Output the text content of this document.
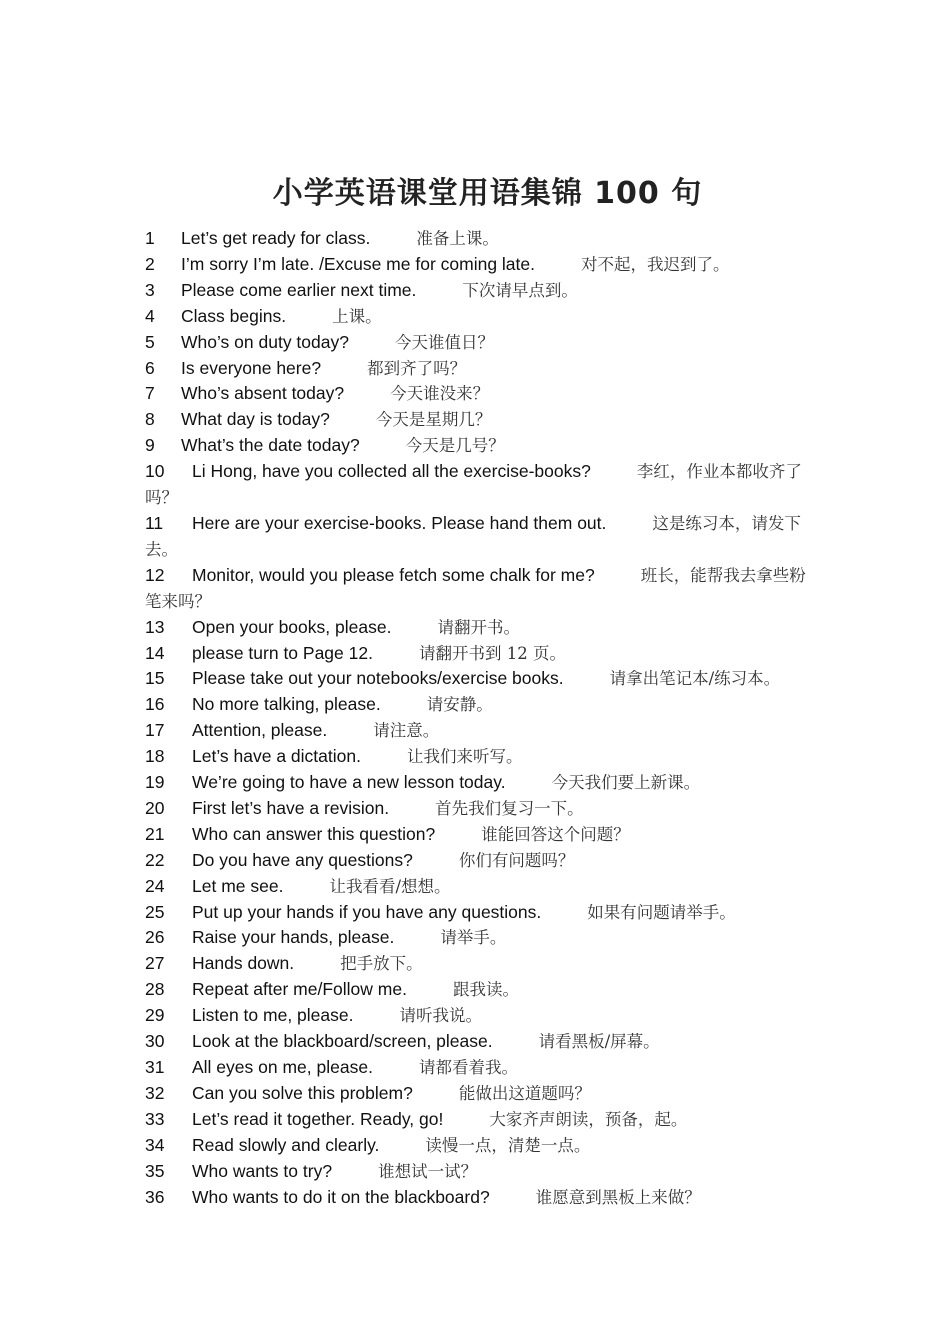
小学英语课堂用语集锦 100 句
1 Let’s get ready for class.	准备上课。
2 I’m sorry I’m late. /Excuse me for coming late.	对不起，我迟到了。
3 Please come earlier next time.	下次请早点到。
4 Class begins.	上课。
5 Who’s on duty today?	今天谁值日？
6 Is everyone here?	都到齐了吗？
7 Who’s absent today?	今天谁没来？
8 What day is today?	今天是星期几？
9 What’s the date today?	今天是几号？
10 Li Hong, have you collected all the exercise-books?	李红，作业本都收齐了吗？
11 Here are your exercise-books. Please hand them out.	这是练习本，请发下去。
12 Monitor, would you please fetch some chalk for me?	班长，能帮我去拿些粉笔来吗？
13 Open your books, please.	请翻开书。
14 please turn to Page 12.	请翻开书到 12 页。
15 Please take out your notebooks/exercise books.	请拿出笔记本/练习本。
16 No more talking, please.	请安静。
17 Attention, please.	请注意。
18 Let’s have a dictation.	让我们来听写。
19 We’re going to have a new lesson today.	今天我们要上新课。
20 First let’s have a revision.	首先我们复习一下。
21 Who can answer this question?	谁能回答这个问题？
22 Do you have any questions?	你们有问题吗？
24 Let me see.	让我看看/想想。
25 Put up your hands if you have any questions.	如果有问题请举手。
26 Raise your hands, please.	请举手。
27 Hands down.	把手放下。
28 Repeat after me/Follow me.	跟我读。
29 Listen to me, please.	请听我说。
30 Look at the blackboard/screen, please.	请看黑板/屏幕。
31 All eyes on me, please.	请都看着我。
32 Can you solve this problem?	能做出这道题吗？
33 Let’s read it together. Ready, go!	大家齐声朗读，预备，起。
34 Read slowly and clearly.	读慢一点，清楚一点。
35 Who wants to try?	谁想试一试？
36 Who wants to do it on the blackboard?	谁愿意到黑板上来做？
